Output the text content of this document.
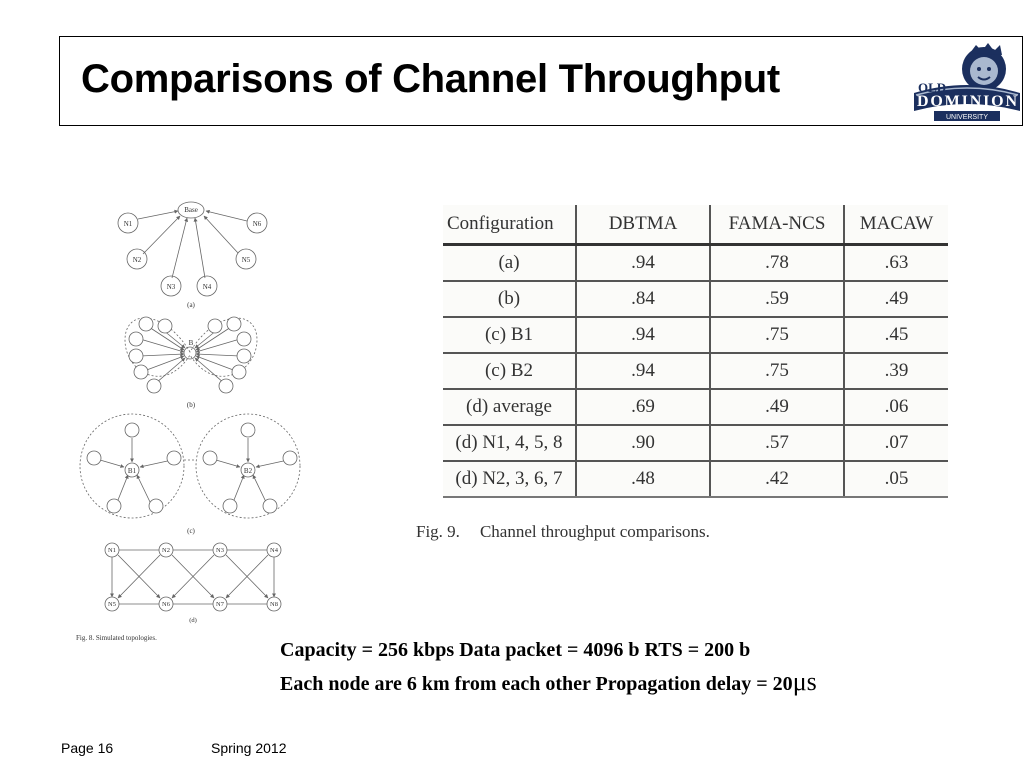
Comparisons of Channel Throughput	OLD
DOMINION
UNIVERSITY
Base
N1	N6
N2	N5
N3	N4
(a)
B
(b)
B1	B2
(c)
N1	N2	N3	N4
N5	N6	N7	N8
(d)
Fig. 8. Simulated topologies.
Configuration	DBTMA	FAMA-NCS	MACAW
(a)	.94	.78	.63
(b)	.84	.59	.49
(c) B1	.94	.75	.45
(c) B2	.94	.75	.39
(d) average	.69	.49	.06
(d) N1, 4, 5, 8	.90	.57	.07
(d) N2, 3, 6, 7	.48	.42	.05
Fig. 9. Channel throughput comparisons.
Capacity = 256 kbps Data packet = 4096 b RTS = 200 b
Each node are 6 km from each other Propagation delay = 20μs
Page 16	Spring 2012
